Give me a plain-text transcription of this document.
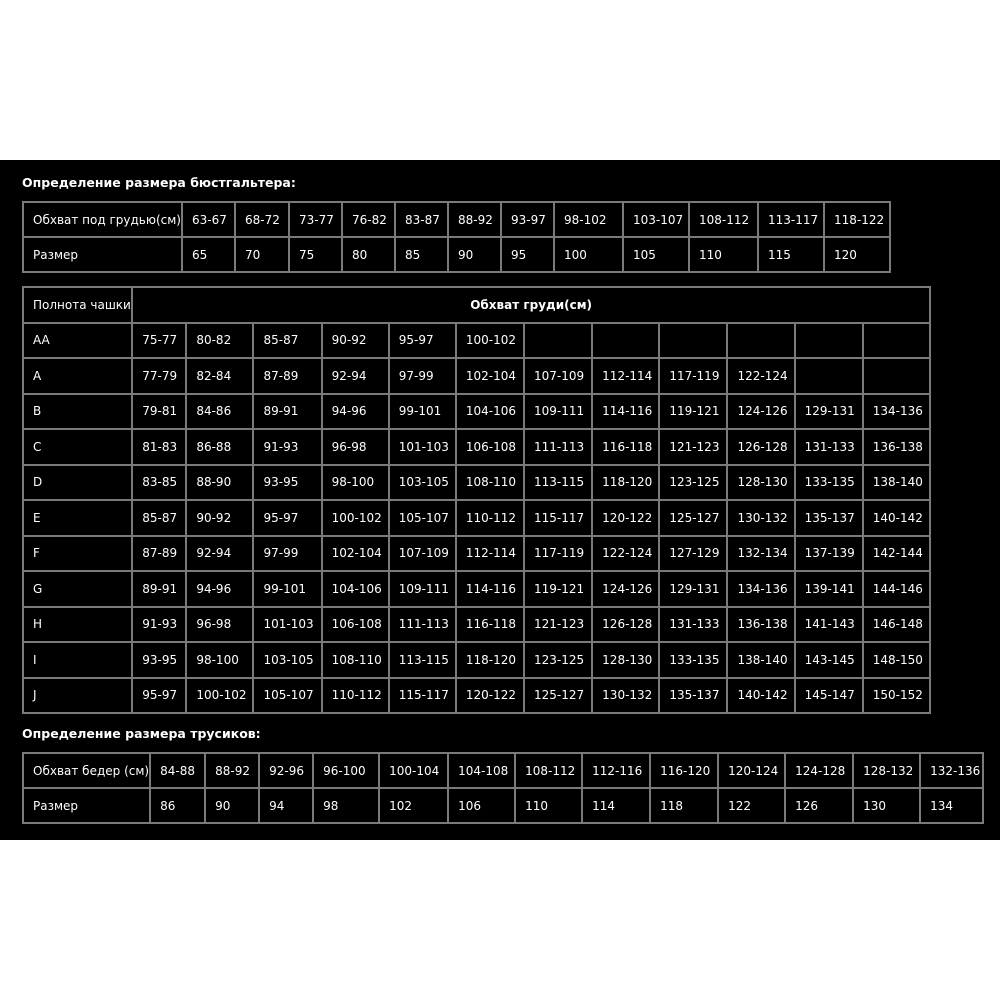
Определение размера бюстгальтера:
Обхват под грудью(см)	63-67	68-72	73-77	76-82	83-87	88-92	93-97	98-102	103-107	108-112	113-117	118-122
Размер	65	70	75	80	85	90	95	100	105	110	115	120
Полнота чашки	Обхват груди(см)											
AA	75-77	80-82	85-87	90-92	95-97	100-102						
A	77-79	82-84	87-89	92-94	97-99	102-104	107-109	112-114	117-119	122-124		
B	79-81	84-86	89-91	94-96	99-101	104-106	109-111	114-116	119-121	124-126	129-131	134-136
C	81-83	86-88	91-93	96-98	101-103	106-108	111-113	116-118	121-123	126-128	131-133	136-138
D	83-85	88-90	93-95	98-100	103-105	108-110	113-115	118-120	123-125	128-130	133-135	138-140
E	85-87	90-92	95-97	100-102	105-107	110-112	115-117	120-122	125-127	130-132	135-137	140-142
F	87-89	92-94	97-99	102-104	107-109	112-114	117-119	122-124	127-129	132-134	137-139	142-144
G	89-91	94-96	99-101	104-106	109-111	114-116	119-121	124-126	129-131	134-136	139-141	144-146
H	91-93	96-98	101-103	106-108	111-113	116-118	121-123	126-128	131-133	136-138	141-143	146-148
I	93-95	98-100	103-105	108-110	113-115	118-120	123-125	128-130	133-135	138-140	143-145	148-150
J	95-97	100-102	105-107	110-112	115-117	120-122	125-127	130-132	135-137	140-142	145-147	150-152
Определение размера трусиков:
Обхват бедер (см)	84-88	88-92	92-96	96-100	100-104	104-108	108-112	112-116	116-120	120-124	124-128	128-132	132-136
Размер	86	90	94	98	102	106	110	114	118	122	126	130	134
